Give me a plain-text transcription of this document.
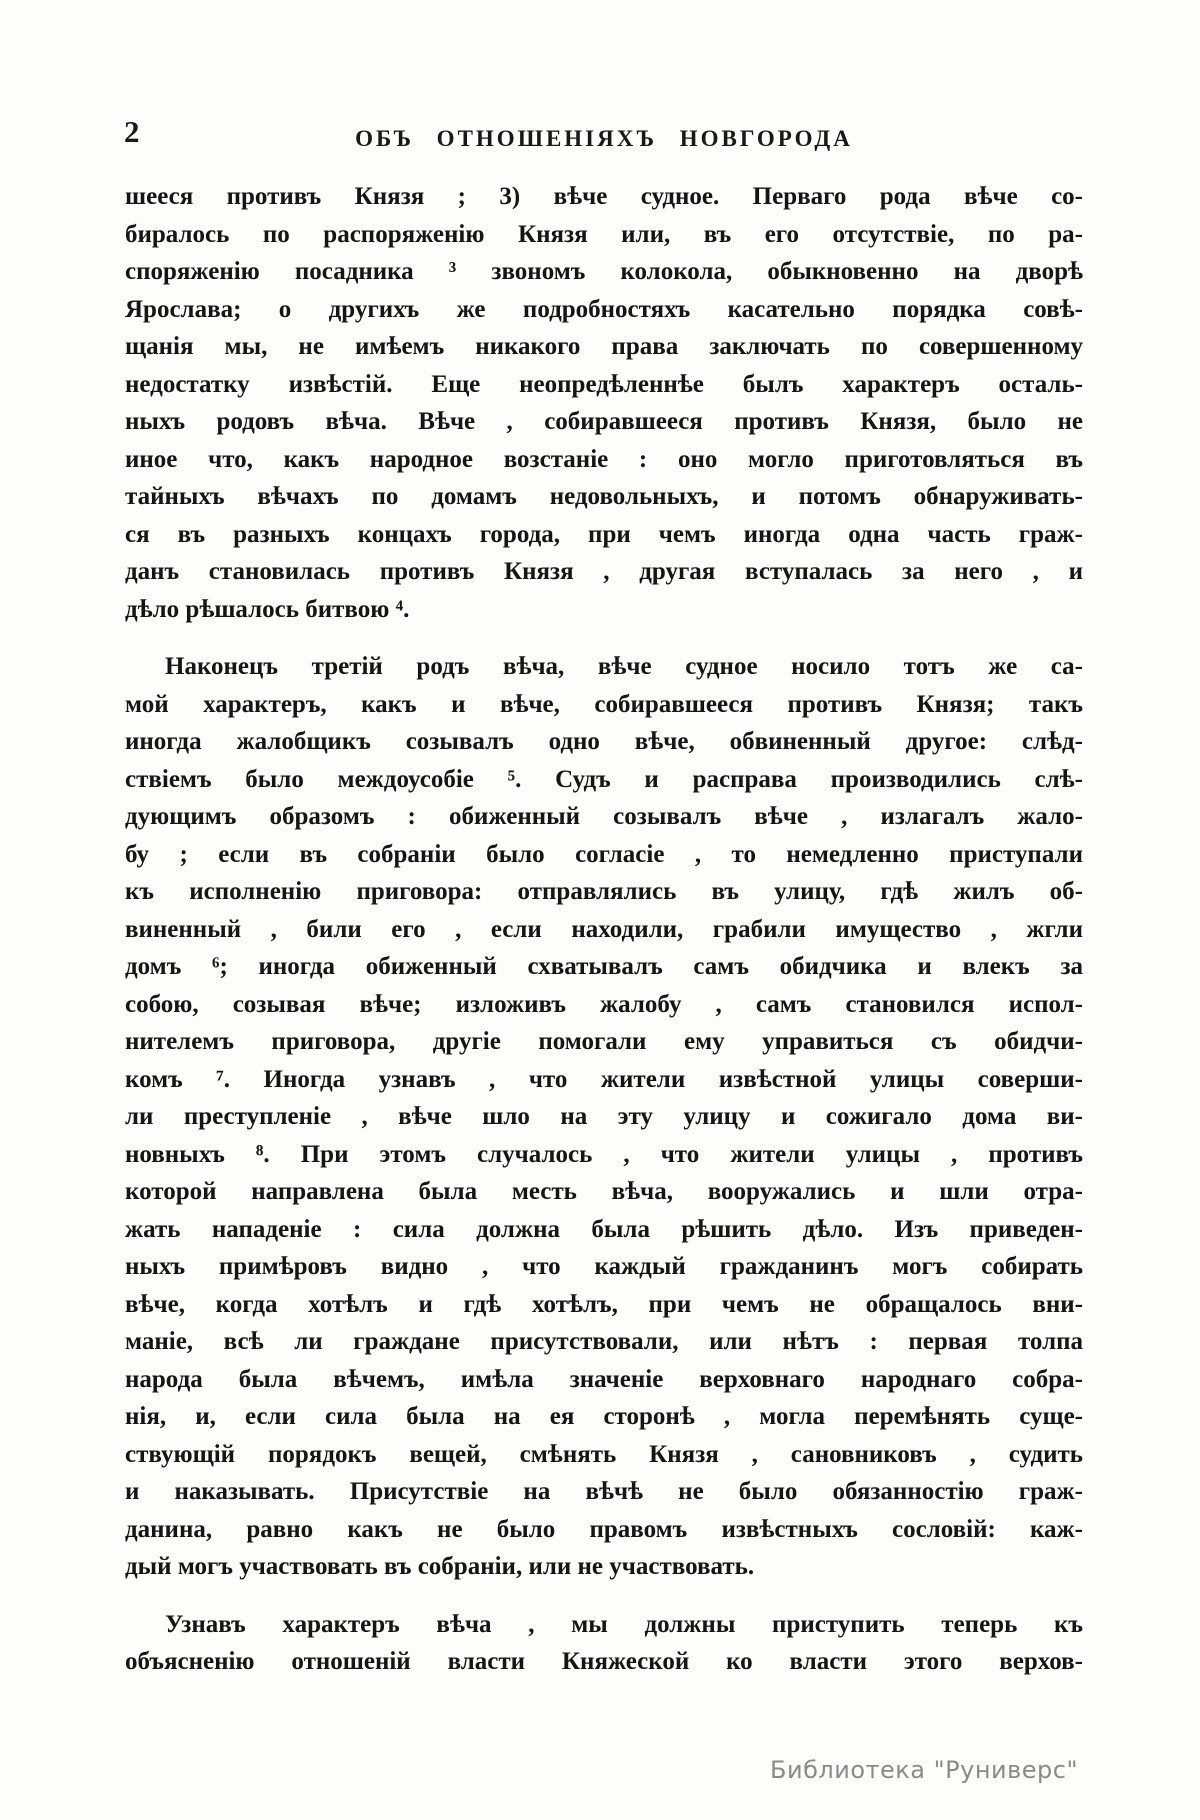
2	ОБЪ ОТНОШЕНІЯХЪ НОВГОРОДА
шееся противъ Князя ; 3) вѣче судное. Перваго рода вѣче со-
биралось по распоряженію Князя или, въ его отсутствіе, по ра-
споряженію посадника ³ звономъ колокола, обыкновенно на дворѣ
Ярослава; о другихъ же подробностяхъ касательно порядка совѣ-
щанія мы, не имѣемъ никакого права заключать по совершенному
недостатку извѣстій. Еще неопредѣленнѣе былъ характеръ осталь-
ныхъ родовъ вѣча. Вѣче , собиравшееся противъ Князя, было не
иное что, какъ народное возстаніе : оно могло приготовляться въ
тайныхъ вѣчахъ по домамъ недовольныхъ, и потомъ обнаруживать-
ся въ разныхъ концахъ города, при чемъ иногда одна часть граж-
данъ становилась противъ Князя , другая вступалась за него , и
дѣло рѣшалось битвою ⁴.
Наконецъ третій родъ вѣча, вѣче судное носило тотъ же са-
мой характеръ, какъ и вѣче, собиравшееся противъ Князя; такъ
иногда жалобщикъ созывалъ одно вѣче, обвиненный другое: слѣд-
ствіемъ было междоусобіе ⁵. Судъ и расправа производились слѣ-
дующимъ образомъ : обиженный созывалъ вѣче , излагалъ жало-
бу ; если въ собраніи было согласіе , то немедленно приступали
къ исполненію приговора: отправлялись въ улицу, гдѣ жилъ об-
виненный , били его , если находили, грабили имущество , жгли
домъ ⁶; иногда обиженный схватывалъ самъ обидчика и влекъ за
собою, созывая вѣче; изложивъ жалобу , самъ становился испол-
нителемъ приговора, другіе помогали ему управиться съ обидчи-
комъ ⁷. Иногда узнавъ , что жители извѣстной улицы соверши-
ли преступленіе , вѣче шло на эту улицу и сожигало дома ви-
новныхъ ⁸. При этомъ случалось , что жители улицы , противъ
которой направлена была месть вѣча, вооружались и шли отра-
жать нападеніе : сила должна была рѣшить дѣло. Изъ приведен-
ныхъ примѣровъ видно , что каждый гражданинъ могъ собирать
вѣче, когда хотѣлъ и гдѣ хотѣлъ, при чемъ не обращалось вни-
маніе, всѣ ли граждане присутствовали, или нѣтъ : первая толпа
народа была вѣчемъ, имѣла значеніе верховнаго народнаго собра-
нія, и, если сила была на ея сторонѣ , могла перемѣнять суще-
ствующій порядокъ вещей, смѣнять Князя , сановниковъ , судить
и наказывать. Присутствіе на вѣчѣ не было обязанностію граж-
данина, равно какъ не было правомъ извѣстныхъ сословій: каж-
дый могъ участвовать въ собраніи, или не участвовать.
Узнавъ характеръ вѣча , мы должны приступить теперь къ
объясненію отношеній власти Княжеской ко власти этого верхов-
Библиотека "Руниверс"
